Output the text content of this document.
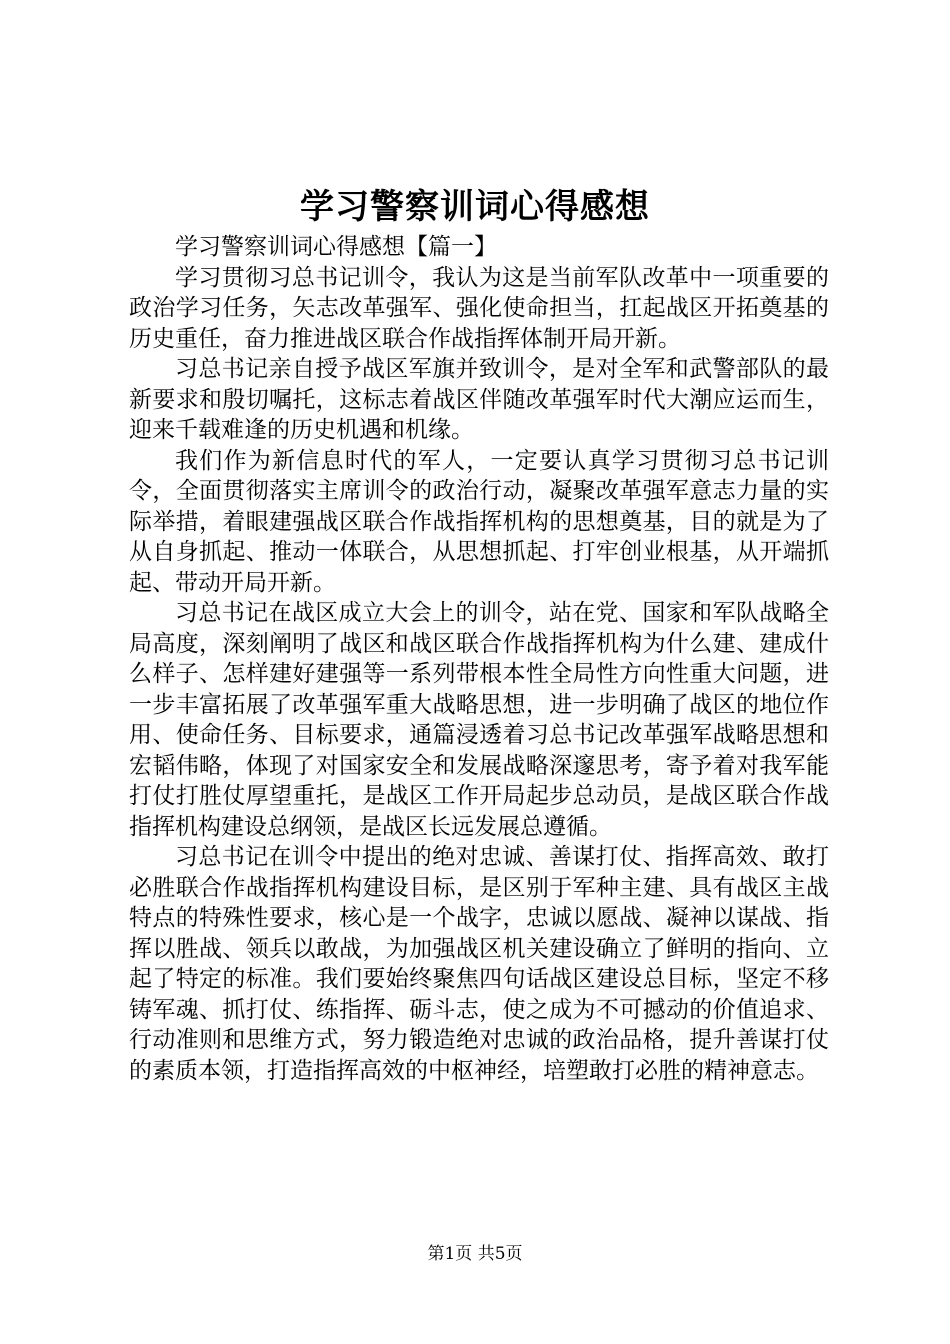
学习警察训词心得感想

学习警察训词心得感想【篇一】

学习贯彻习总书记训令，我认为这是当前军队改革中一项重要的政治学习任务，矢志改革强军、强化使命担当，扛起战区开拓奠基的历史重任，奋力推进战区联合作战指挥体制开局开新。

习总书记亲自授予战区军旗并致训令，是对全军和武警部队的最新要求和殷切嘱托，这标志着战区伴随改革强军时代大潮应运而生，迎来千载难逢的历史机遇和机缘。

我们作为新信息时代的军人，一定要认真学习贯彻习总书记训令，全面贯彻落实主席训令的政治行动，凝聚改革强军意志力量的实际举措，着眼建强战区联合作战指挥机构的思想奠基，目的就是为了从自身抓起、推动一体联合，从思想抓起、打牢创业根基，从开端抓起、带动开局开新。

习总书记在战区成立大会上的训令，站在党、国家和军队战略全局高度，深刻阐明了战区和战区联合作战指挥机构为什么建、建成什么样子、怎样建好建强等一系列带根本性全局性方向性重大问题，进一步丰富拓展了改革强军重大战略思想，进一步明确了战区的地位作用、使命任务、目标要求，通篇浸透着习总书记改革强军战略思想和宏韬伟略，体现了对国家安全和发展战略深邃思考，寄予着对我军能打仗打胜仗厚望重托，是战区工作开局起步总动员，是战区联合作战指挥机构建设总纲领，是战区长远发展总遵循。

习总书记在训令中提出的绝对忠诚、善谋打仗、指挥高效、敢打必胜联合作战指挥机构建设目标，是区别于军种主建、具有战区主战特点的特殊性要求，核心是一个战字，忠诚以愿战、凝神以谋战、指挥以胜战、领兵以敢战，为加强战区机关建设确立了鲜明的指向、立起了特定的标准。我们要始终聚焦四句话战区建设总目标，坚定不移铸军魂、抓打仗、练指挥、砺斗志，使之成为不可撼动的价值追求、行动准则和思维方式，努力锻造绝对忠诚的政治品格，提升善谋打仗的素质本领，打造指挥高效的中枢神经，培塑敢打必胜的精神意志。

第1页 共5页
